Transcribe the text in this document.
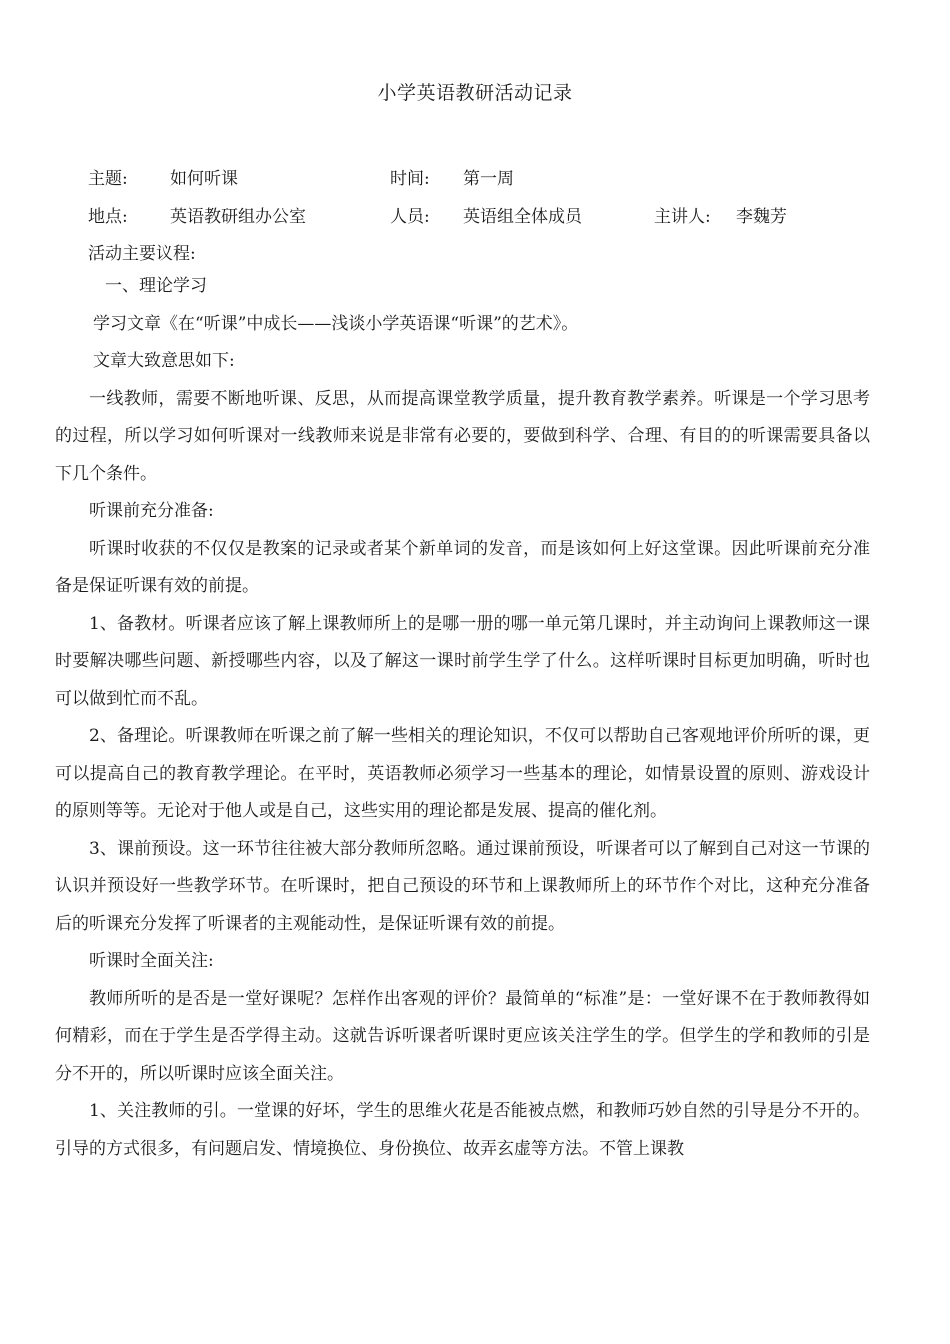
小学英语教研活动记录
主题: 如何听课	时间: 第一周
地点: 英语教研组办公室	人员: 英语组全体成员	主讲人: 李魏芳
活动主要议程:

一、理论学习

学习文章《在“听课”中成长——浅谈小学英语课“听课”的艺术》。

文章大致意思如下:

一线教师，需要不断地听课、反思，从而提高课堂教学质量，提升教育教学素养。听课是一个学习思考的过程，所以学习如何听课对一线教师来说是非常有必要的，要做到科学、合理、有目的的听课需要具备以下几个条件。

听课前充分准备:

听课时收获的不仅仅是教案的记录或者某个新单词的发音，而是该如何上好这堂课。因此听课前充分准备是保证听课有效的前提。

1、备教材。听课者应该了解上课教师所上的是哪一册的哪一单元第几课时，并主动询问上课教师这一课时要解决哪些问题、新授哪些内容，以及了解这一课时前学生学了什么。这样听课时目标更加明确，听时也可以做到忙而不乱。

2、备理论。听课教师在听课之前了解一些相关的理论知识，不仅可以帮助自己客观地评价所听的课，更可以提高自己的教育教学理论。在平时，英语教师必须学习一些基本的理论，如情景设置的原则、游戏设计的原则等等。无论对于他人或是自己，这些实用的理论都是发展、提高的催化剂。

3、课前预设。这一环节往往被大部分教师所忽略。通过课前预设，听课者可以了解到自己对这一节课的认识并预设好一些教学环节。在听课时，把自己预设的环节和上课教师所上的环节作个对比，这种充分准备后的听课充分发挥了听课者的主观能动性，是保证听课有效的前提。

听课时全面关注:

教师所听的是否是一堂好课呢？怎样作出客观的评价？最简单的“标准”是：一堂好课不在于教师教得如何精彩，而在于学生是否学得主动。这就告诉听课者听课时更应该关注学生的学。但学生的学和教师的引是分不开的，所以听课时应该全面关注。

1、关注教师的引。一堂课的好坏，学生的思维火花是否能被点燃，和教师巧妙自然的引导是分不开的。引导的方式很多，有问题启发、情境换位、身份换位、故弄玄虚等方法。不管上课教
